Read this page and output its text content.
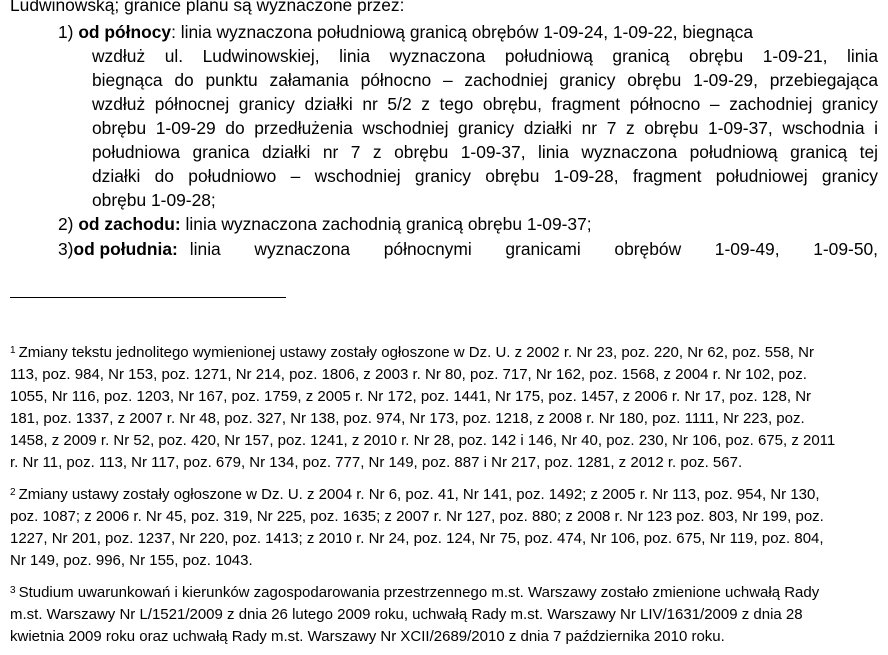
Ludwinowską; granice planu są wyznaczone przez:
1) od północy: linia wyznaczona południową granicą obrębów 1-09-24, 1-09-22, biegnąca
wzdłuż ul. Ludwinowskiej, linia wyznaczona południową granicą obrębu 1-09-21, linia
biegnąca do punktu załamania północno – zachodniej granicy obrębu 1-09-29, przebiegająca
wzdłuż północnej granicy działki nr 5/2 z tego obrębu, fragment północno – zachodniej granicy
obrębu 1-09-29 do przedłużenia wschodniej granicy działki nr 7 z obrębu 1-09-37, wschodnia i
południowa granica działki nr 7 z obrębu 1-09-37, linia wyznaczona południową granicą tej
działki do południowo – wschodniej granicy obrębu 1-09-28, fragment południowej granicy
obrębu 1-09-28;
2) od zachodu: linia wyznaczona zachodnią granicą obrębu 1-09-37;
3) od południa: linia wyznaczona północnymi granicami obrębów 1-09-49, 1-09-50,

$^1$ Zmiany tekstu jednolitego wymienionej ustawy zostały ogłoszone w Dz. U. z 2002 r. Nr 23, poz. 220, Nr 62, poz. 558, Nr

113, poz. 984, Nr 153, poz. 1271, Nr 214, poz. 1806, z 2003 r. Nr 80, poz. 717, Nr 162, poz. 1568, z 2004 r. Nr 102, poz.

1055, Nr 116, poz. 1203, Nr 167, poz. 1759, z 2005 r. Nr 172, poz. 1441, Nr 175, poz. 1457, z 2006 r. Nr 17, poz. 128, Nr

181, poz. 1337, z 2007 r. Nr 48, poz. 327, Nr 138, poz. 974, Nr 173, poz. 1218, z 2008 r. Nr 180, poz. 1111, Nr 223, poz.

1458, z 2009 r. Nr 52, poz. 420, Nr 157, poz. 1241, z 2010 r. Nr 28, poz. 142 i 146, Nr 40, poz. 230, Nr 106, poz. 675, z 2011

r. Nr 11, poz. 113, Nr 117, poz. 679, Nr 134, poz. 777, Nr 149, poz. 887 i Nr 217, poz. 1281, z 2012 r. poz. 567.

$^2$ Zmiany ustawy zostały ogłoszone w Dz. U. z 2004 r. Nr 6, poz. 41, Nr 141, poz. 1492; z 2005 r. Nr 113, poz. 954, Nr 130,

poz. 1087; z 2006 r. Nr 45, poz. 319, Nr 225, poz. 1635; z 2007 r. Nr 127, poz. 880; z 2008 r. Nr 123 poz. 803, Nr 199, poz.

1227, Nr 201, poz. 1237, Nr 220, poz. 1413; z 2010 r. Nr 24, poz. 124, Nr 75, poz. 474, Nr 106, poz. 675, Nr 119, poz. 804,

Nr 149, poz. 996, Nr 155, poz. 1043.

$^3$ Studium uwarunkowań i kierunków zagospodarowania przestrzennego m.st. Warszawy zostało zmienione uchwałą Rady

m.st. Warszawy Nr L/1521/2009 z dnia 26 lutego 2009 roku, uchwałą Rady m.st. Warszawy Nr LIV/1631/2009 z dnia 28

kwietnia 2009 roku oraz uchwałą Rady m.st. Warszawy Nr XCII/2689/2010 z dnia 7 października 2010 roku.
